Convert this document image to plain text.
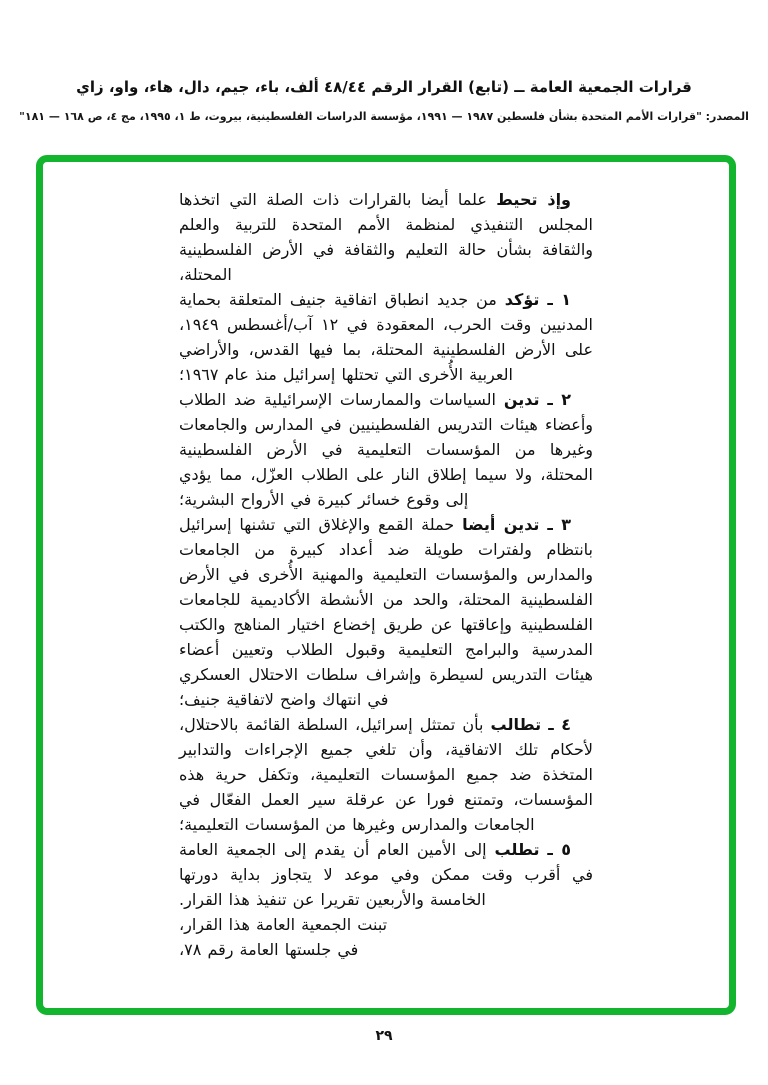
قرارات الجمعية العامة ــ (تابع) القرار الرقم ٤٨/٤٤ ألف، باء، جيم، دال، هاء، واو، زاي
المصدر: "قرارات الأمم المتحدة بشأن فلسطين ١٩٨٧ — ١٩٩١، مؤسسة الدراسات الفلسطينية، بيروت، ط ١، ١٩٩٥، مج ٤، ص ١٦٨ — ١٨١"

وإذ تحيط علما أيضا بالقرارات ذات الصلة التي اتخذها المجلس التنفيذي لمنظمة الأمم المتحدة للتربية والعلم والثقافة بشأن حالة التعليم والثقافة في الأرض الفلسطينية المحتلة،

١ ـ تؤكد من جديد انطباق اتفاقية جنيف المتعلقة بحماية المدنيين وقت الحرب، المعقودة في ١٢ آب/أغسطس ١٩٤٩، على الأرض الفلسطينية المحتلة، بما فيها القدس، والأراضي العربية الأُخرى التي تحتلها إسرائيل منذ عام ١٩٦٧؛

٢ ـ تدين السياسات والممارسات الإسرائيلية ضد الطلاب وأعضاء هيئات التدريس الفلسطينيين في المدارس والجامعات وغيرها من المؤسسات التعليمية في الأرض الفلسطينية المحتلة، ولا سيما إطلاق النار على الطلاب العزّل، مما يؤدي إلى وقوع خسائر كبيرة في الأرواح البشرية؛

٣ ـ تدين أيضا حملة القمع والإغلاق التي تشنها إسرائيل بانتظام ولفترات طويلة ضد أعداد كبيرة من الجامعات والمدارس والمؤسسات التعليمية والمهنية الأُخرى في الأرض الفلسطينية المحتلة، والحد من الأنشطة الأكاديمية للجامعات الفلسطينية وإعاقتها عن طريق إخضاع اختيار المناهج والكتب المدرسية والبرامج التعليمية وقبول الطلاب وتعيين أعضاء هيئات التدريس لسيطرة وإشراف سلطات الاحتلال العسكري في انتهاك واضح لاتفاقية جنيف؛

٤ ـ تطالب بأن تمتثل إسرائيل، السلطة القائمة بالاحتلال، لأحكام تلك الاتفاقية، وأن تلغي جميع الإجراءات والتدابير المتخذة ضد جميع المؤسسات التعليمية، وتكفل حرية هذه المؤسسات، وتمتنع فورا عن عرقلة سير العمل الفعّال في الجامعات والمدارس وغيرها من المؤسسات التعليمية؛

٥ ـ تطلب إلى الأمين العام أن يقدم إلى الجمعية العامة في أقرب وقت ممكن وفي موعد لا يتجاوز بداية دورتها الخامسة والأربعين تقريرا عن تنفيذ هذا القرار.

تبنت الجمعية العامة هذا القرار،

في جلستها العامة رقم ٧٨،

٢٩
